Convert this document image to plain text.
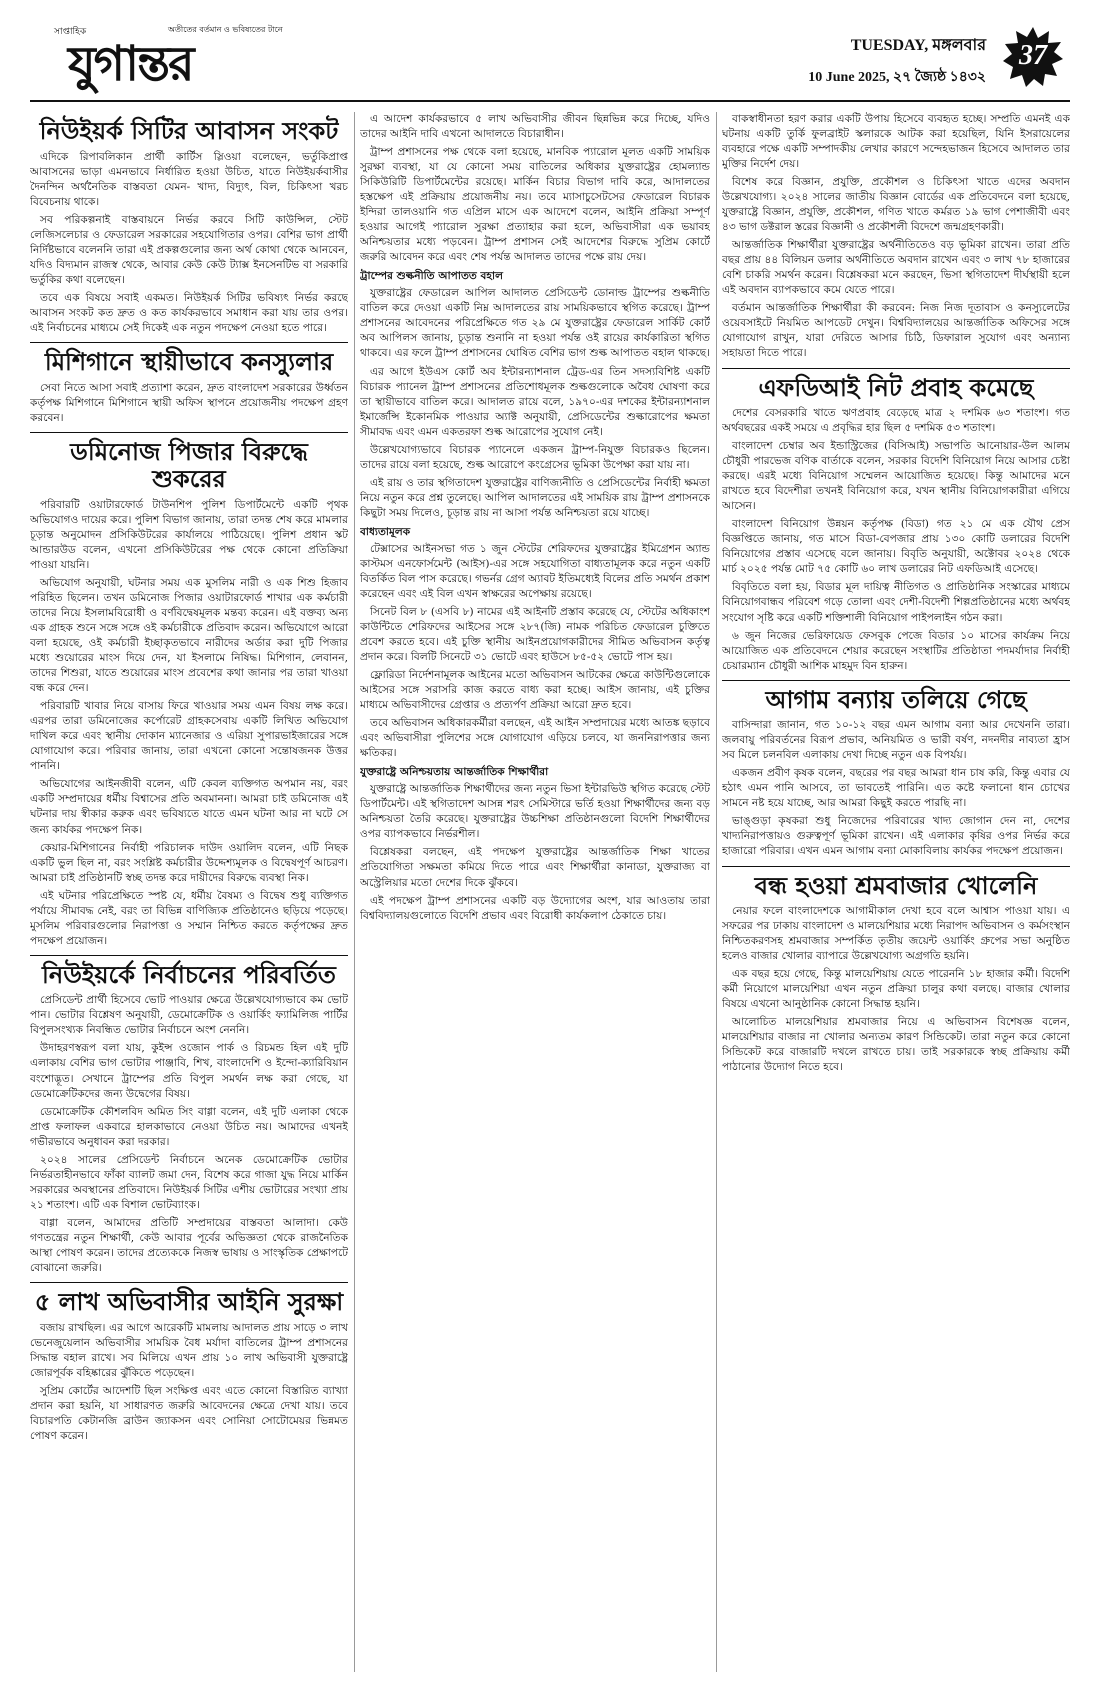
সাপ্তাহিক	অতীতের বর্তমান ও ভবিষ্যতের টানে
যুগান্তর	TUESDAY, মঙ্গলবার
10 June 2025, ২৭ জ্যৈষ্ঠ ১৪৩২
37
নিউইয়র্ক সিটির আবাসন সংকট

এদিকে রিপাবলিকান প্রার্থী কার্টিস স্লিওয়া বলেছেন, ভর্তুকিপ্রাপ্ত আবাসনের ভাড়া এমনভাবে নির্ধারিত হওয়া উচিত, যাতে নিউইয়র্কবাসীর দৈনন্দিন অর্থনৈতিক বাস্তবতা যেমন- খাদ্য, বিদ্যুৎ, বিল, চিকিৎসা খরচ বিবেচনায় থাকে।

সব পরিকল্পনাই বাস্তবায়নে নির্ভর করবে সিটি কাউন্সিল, স্টেট লেজিসলেচার ও ফেডারেল সরকারের সহযোগিতার ওপর। বেশির ভাগ প্রার্থী নির্দিষ্টভাবে বলেননি তারা এই প্রকল্পগুলোর জন্য অর্থ কোথা থেকে আনবেন, যদিও বিদ্যমান রাজস্ব থেকে, আবার কেউ কেউ ট্যাক্স ইনসেনটিভ বা সরকারি ভর্তুকির কথা বলেছেন।

তবে এক বিষয়ে সবাই একমত। নিউইয়র্ক সিটির ভবিষ্যৎ নির্ভর করছে আবাসন সংকট কত দ্রুত ও কত কার্যকরভাবে সমাধান করা যায় তার ওপর। এই নির্বাচনের মাধ্যমে সেই দিকেই এক নতুন পদক্ষেপ নেওয়া হতে পারে।

মিশিগানে স্থায়ীভাবে কনস্যুলার

সেবা নিতে আসা সবাই প্রত্যাশা করেন, দ্রুত বাংলাদেশ সরকারের উর্ধ্বতন কর্তৃপক্ষ মিশিগানে মিশিগানে স্থায়ী অফিস স্থাপনে প্রয়োজনীয় পদক্ষেপ গ্রহণ করবেন।

ডমিনোজ পিজার বিরুদ্ধে শুকরের

পরিবারটি ওয়াটারফোর্ড টাউনশিপ পুলিশ ডিপার্টমেন্টে একটি পৃথক অভিযোগও দায়ের করে। পুলিশ বিভাগ জানায়, তারা তদন্ত শেষ করে মামলার চূড়ান্ত অনুমোদন প্রসিকিউটরের কার্যালয়ে পাঠিয়েছে। পুলিশ প্রধান স্কট আন্ডারউড বলেন, এখনো প্রসিকিউটরের পক্ষ থেকে কোনো প্রতিক্রিয়া পাওয়া যায়নি।

অভিযোগ অনুযায়ী, ঘটনার সময় এক মুসলিম নারী ও এক শিশু হিজাব পরিহিত ছিলেন। তখন ডমিনোজ পিজার ওয়াটারফোর্ড শাখার এক কর্মচারী তাদের নিয়ে ইসলামবিরোধী ও বর্ণবিদ্বেষমূলক মন্তব্য করেন। এই বক্তব্য অন্য এক গ্রাহক শুনে সঙ্গে সঙ্গে ওই কর্মচারীকে প্রতিবাদ করেন। অভিযোগে আরো বলা হয়েছে, ওই কর্মচারী ইচ্ছাকৃতভাবে নারীদের অর্ডার করা দুটি পিজার মধ্যে শুয়োরের মাংস দিয়ে দেন, যা ইসলামে নিষিদ্ধ। মিশিগান, লেবানন, তাদের শিশুরা, যাতে শুয়োরের মাংস প্রবেশের কথা জানার পর তারা খাওয়া বন্ধ করে দেন।

পরিবারটি খাবার নিয়ে বাসায় ফিরে খাওয়ার সময় এমন বিষয় লক্ষ করে। এরপর তারা ডমিনোজের কর্পোরেট গ্রাহকসেবায় একটি লিখিত অভিযোগ দাখিল করে এবং স্থানীয় দোকান ম্যানেজার ও এরিয়া সুপারভাইজারের সঙ্গে যোগাযোগ করে। পরিবার জানায়, তারা এখনো কোনো সন্তোষজনক উত্তর পাননি।

অভিযোগের আইনজীবী বলেন, এটি কেবল ব্যক্তিগত অপমান নয়, বরং একটি সম্প্রদায়ের ধর্মীয় বিশ্বাসের প্রতি অবমাননা। আমরা চাই ডমিনোজ এই ঘটনার দায় স্বীকার করুক এবং ভবিষ্যতে যাতে এমন ঘটনা আর না ঘটে সে জন্য কার্যকর পদক্ষেপ নিক।

কেয়ার-মিশিগানের নির্বাহী পরিচালক দাউদ ওয়ালিদ বলেন, এটি নিছক একটি ভুল ছিল না, বরং সংশ্লিষ্ট কর্মচারীর উদ্দেশ্যমূলক ও বিদ্বেষপূর্ণ আচরণ। আমরা চাই প্রতিষ্ঠানটি স্বচ্ছ তদন্ত করে দায়ীদের বিরুদ্ধে ব্যবস্থা নিক।

এই ঘটনার পরিপ্রেক্ষিতে স্পষ্ট যে, ধর্মীয় বৈষম্য ও বিদ্বেষ শুধু ব্যক্তিগত পর্যায়ে সীমাবদ্ধ নেই, বরং তা বিভিন্ন বাণিজ্যিক প্রতিষ্ঠানেও ছড়িয়ে পড়েছে। মুসলিম পরিবারগুলোর নিরাপত্তা ও সম্মান নিশ্চিত করতে কর্তৃপক্ষের দ্রুত পদক্ষেপ প্রয়োজন।

নিউইয়র্কে নির্বাচনের পরিবর্তিত

প্রেসিডেন্ট প্রার্থী হিসেবে ভোট পাওয়ার ক্ষেত্রে উল্লেখযোগ্যভাবে কম ভোট পান। ভোটার বিশ্লেষণ অনুযায়ী, ডেমোক্রেটিক ও ওয়ার্কিং ফ্যামিলিজ পার্টির বিপুলসংখ্যক নিবন্ধিত ভোটার নির্বাচনে অংশ নেননি।

উদাহরণস্বরূপ বলা যায়, কুইন্স ওজোন পার্ক ও রিচমন্ড হিল এই দুটি এলাকায় বেশির ভাগ ভোটার পাঞ্জাবি, শিখ, বাংলাদেশি ও ইন্দো-ক্যারিবিয়ান বংশোদ্ভূত। সেখানে ট্রাম্পের প্রতি বিপুল সমর্থন লক্ষ করা গেছে, যা ডেমোক্রেটিকদের জন্য উদ্বেগের বিষয়।

ডেমোক্রেটিক কৌশলবিদ অমিত সিং বাগ্গা বলেন, এই দুটি এলাকা থেকে প্রাপ্ত ফলাফল একবারে হালকাভাবে নেওয়া উচিত নয়। আমাদের এখনই গভীরভাবে অনুধাবন করা দরকার।

২০২৪ সালের প্রেসিডেন্ট নির্বাচনে অনেক ডেমোক্রেটিক ভোটার নির্ভরতাহীনভাবে ফাঁকা ব্যালট জমা দেন, বিশেষ করে গাজা যুদ্ধ নিয়ে মার্কিন সরকারের অবস্থানের প্রতিবাদে। নিউইয়র্ক সিটির এশীয় ভোটারের সংখ্যা প্রায় ২১ শতাংশ। এটি এক বিশাল ভোটব্যাংক।

বাগ্গা বলেন, আমাদের প্রতিটি সম্প্রদায়ের বাস্তবতা আলাদা। কেউ গণতন্ত্রের নতুন শিক্ষার্থী, কেউ আবার পূর্বের অভিজ্ঞতা থেকে রাজনৈতিক আস্থা পোষণ করেন। তাদের প্রত্যেককে নিজস্ব ভাষায় ও সাংস্কৃতিক প্রেক্ষাপটে বোঝানো জরুরি।

৫ লাখ অভিবাসীর আইনি সুরক্ষা

বজায় রাখছিল। এর আগে আরেকটি মামলায় আদালত প্রায় সাড়ে ৩ লাখ ভেনেজুয়েলান অভিবাসীর সাময়িক বৈধ মর্যাদা বাতিলের ট্রাম্প প্রশাসনের সিদ্ধান্ত বহাল রাখে। সব মিলিয়ে এখন প্রায় ১০ লাখ অভিবাসী যুক্তরাষ্ট্রে জোরপূর্বক বহিষ্কারের ঝুঁকিতে পড়েছেন।

সুপ্রিম কোর্টের আদেশটি ছিল সংক্ষিপ্ত এবং এতে কোনো বিস্তারিত ব্যাখ্যা প্রদান করা হয়নি, যা সাধারণত জরুরি আবেদনের ক্ষেত্রে দেখা যায়। তবে বিচারপতি কেটানজি ব্রাউন জ্যাকসন এবং সোনিয়া সোটোমেয়র ভিন্নমত পোষণ করেন।

এ আদেশ কার্যকরভাবে ৫ লাখ অভিবাসীর জীবন ছিন্নভিন্ন করে দিচ্ছে, যদিও তাদের আইনি দাবি এখনো আদালতে বিচারাধীন।

ট্রাম্প প্রশাসনের পক্ষ থেকে বলা হয়েছে, মানবিক প্যারোল মূলত একটি সাময়িক সুরক্ষা ব্যবস্থা, যা যে কোনো সময় বাতিলের অধিকার যুক্তরাষ্ট্রের হোমল্যান্ড সিকিউরিটি ডিপার্টমেন্টের রয়েছে। মার্কিন বিচার বিভাগ দাবি করে, আদালতের হস্তক্ষেপ এই প্রক্রিয়ায় প্রয়োজনীয় নয়। তবে ম্যাসাচুসেটসের ফেডারেল বিচারক ইন্দিরা তালওয়ানি গত এপ্রিল মাসে এক আদেশে বলেন, আইনি প্রক্রিয়া সম্পূর্ণ হওয়ার আগেই প্যারোল সুরক্ষা প্রত্যাহার করা হলে, অভিবাসীরা এক ভয়াবহ অনিশ্চয়তার মধ্যে পড়বেন। ট্রাম্প প্রশাসন সেই আদেশের বিরুদ্ধে সুপ্রিম কোর্টে জরুরি আবেদন করে এবং শেষ পর্যন্ত আদালত তাদের পক্ষে রায় দেয়।

ট্রাম্পের শুল্কনীতি আপাতত বহাল

যুক্তরাষ্ট্রের ফেডারেল আপিল আদালত প্রেসিডেন্ট ডোনাল্ড ট্রাম্পের শুল্কনীতি বাতিল করে দেওয়া একটি নিম্ন আদালতের রায় সাময়িকভাবে স্থগিত করেছে। ট্রাম্প প্রশাসনের আবেদনের পরিপ্রেক্ষিতে গত ২৯ মে যুক্তরাষ্ট্রের ফেডারেল সার্কিট কোর্ট অব আপিলস জানায়, চূড়ান্ত শুনানি না হওয়া পর্যন্ত ওই রায়ের কার্যকারিতা স্থগিত থাকবে। এর ফলে ট্রাম্প প্রশাসনের ঘোষিত বেশির ভাগ শুল্ক আপাতত বহাল থাকছে।

এর আগে ইউএস কোর্ট অব ইন্টারন্যাশনাল ট্রেড-এর তিন সদস্যবিশিষ্ট একটি বিচারক প্যানেল ট্রাম্প প্রশাসনের প্রতিশোধমূলক শুল্কগুলোকে অবৈধ ঘোষণা করে তা স্থায়ীভাবে বাতিল করে। আদালত রায়ে বলে, ১৯৭০-এর দশকের ইন্টারন্যাশনাল ইমার্জেন্সি ইকোনমিক পাওয়ার অ্যাক্ট অনুযায়ী, প্রেসিডেন্টের শুল্কারোপের ক্ষমতা সীমাবদ্ধ এবং এমন একতরফা শুল্ক আরোপের সুযোগ নেই।

উল্লেখযোগ্যভাবে বিচারক প্যানেলে একজন ট্রাম্প-নিযুক্ত বিচারকও ছিলেন। তাদের রায়ে বলা হয়েছে, শুল্ক আরোপে কংগ্রেসের ভূমিকা উপেক্ষা করা যায় না।

এই রায় ও তার স্থগিতাদেশ যুক্তরাষ্ট্রের বাণিজ্যনীতি ও প্রেসিডেন্টের নির্বাহী ক্ষমতা নিয়ে নতুন করে প্রশ্ন তুলেছে। আপিল আদালতের এই সাময়িক রায় ট্রাম্প প্রশাসনকে কিছুটা সময় দিলেও, চূড়ান্ত রায় না আসা পর্যন্ত অনিশ্চয়তা রয়ে যাচ্ছে।

বাধ্যতামূলক

টেক্সাসের আইনসভা গত ১ জুন স্টেটের শেরিফদের যুক্তরাষ্ট্রের ইমিগ্রেশন অ্যান্ড কাস্টমস এনফোর্সমেন্ট (আইস)-এর সঙ্গে সহযোগিতা বাধ্যতামূলক করে নতুন একটি বিতর্কিত বিল পাস করেছে। গভর্নর গ্রেগ অ্যাবট ইতিমধ্যেই বিলের প্রতি সমর্থন প্রকাশ করেছেন এবং এই বিল এখন স্বাক্ষরের অপেক্ষায় রয়েছে।

সিনেট বিল ৮ (এসবি ৮) নামের এই আইনটি প্রস্তাব করেছে যে, স্টেটের অধিকাংশ কাউন্টিতে শেরিফদের আইসের সঙ্গে ২৮৭(জি) নামক পরিচিত ফেডারেল চুক্তিতে প্রবেশ করতে হবে। এই চুক্তি স্থানীয় আইনপ্রয়োগকারীদের সীমিত অভিবাসন কর্তৃত্ব প্রদান করে। বিলটি সিনেটে ৩১ ভোটে এবং হাউসে ৮৫-৫২ ভোটে পাস হয়।

ফ্লোরিডা নির্দেশনামূলক আইনের মতো অভিবাসন আটকের ক্ষেত্রে কাউন্টিগুলোকে আইসের সঙ্গে সরাসরি কাজ করতে বাধ্য করা হচ্ছে। আইস জানায়, এই চুক্তির মাধ্যমে অভিবাসীদের গ্রেপ্তার ও প্রত্যর্পণ প্রক্রিয়া আরো দ্রুত হবে।

তবে অভিবাসন অধিকারকর্মীরা বলছেন, এই আইন সম্প্রদায়ের মধ্যে আতঙ্ক ছড়াবে এবং অভিবাসীরা পুলিশের সঙ্গে যোগাযোগ এড়িয়ে চলবে, যা জননিরাপত্তার জন্য ক্ষতিকর।

যুক্তরাষ্ট্রে অনিশ্চয়তায় আন্তর্জাতিক শিক্ষার্থীরা

যুক্তরাষ্ট্রে আন্তর্জাতিক শিক্ষার্থীদের জন্য নতুন ভিসা ইন্টারভিউ স্থগিত করেছে স্টেট ডিপার্টমেন্ট। এই স্থগিতাদেশ আসন্ন শরৎ সেমিস্টারে ভর্তি হওয়া শিক্ষার্থীদের জন্য বড় অনিশ্চয়তা তৈরি করেছে। যুক্তরাষ্ট্রের উচ্চশিক্ষা প্রতিষ্ঠানগুলো বিদেশি শিক্ষার্থীদের ওপর ব্যাপকভাবে নির্ভরশীল।

বিশ্লেষকরা বলছেন, এই পদক্ষেপ যুক্তরাষ্ট্রের আন্তর্জাতিক শিক্ষা খাতের প্রতিযোগিতা সক্ষমতা কমিয়ে দিতে পারে এবং শিক্ষার্থীরা কানাডা, যুক্তরাজ্য বা অস্ট্রেলিয়ার মতো দেশের দিকে ঝুঁকবে।

এই পদক্ষেপ ট্রাম্প প্রশাসনের একটি বড় উদ্যোগের অংশ, যার আওতায় তারা বিশ্ববিদ্যালয়গুলোতে বিদেশি প্রভাব এবং বিরোধী কার্যকলাপ ঠেকাতে চায়।

বাকস্বাধীনতা হরণ করার একটি উপায় হিসেবে ব্যবহৃত হচ্ছে। সম্প্রতি এমনই এক ঘটনায় একটি তুর্কি ফুলব্রাইট স্কলারকে আটক করা হয়েছিল, যিনি ইসরায়েলের ব্যবহারে পক্ষে একটি সম্পাদকীয় লেখার কারণে সন্দেহভাজন হিসেবে আদালত তার মুক্তির নির্দেশ দেয়।

বিশেষ করে বিজ্ঞান, প্রযুক্তি, প্রকৌশল ও চিকিৎসা খাতে এদের অবদান উল্লেখযোগ্য। ২০২৪ সালের জাতীয় বিজ্ঞান বোর্ডের এক প্রতিবেদনে বলা হয়েছে, যুক্তরাষ্ট্রে বিজ্ঞান, প্রযুক্তি, প্রকৌশল, গণিত খাতে কর্মরত ১৯ ভাগ পেশাজীবী এবং ৪৩ ভাগ ডক্টরাল স্তরের বিজ্ঞানী ও প্রকৌশলী বিদেশে জন্মগ্রহণকারী।

আন্তর্জাতিক শিক্ষার্থীরা যুক্তরাষ্ট্রের অর্থনীতিতেও বড় ভূমিকা রাখেন। তারা প্রতি বছর প্রায় ৪৪ বিলিয়ন ডলার অর্থনীতিতে অবদান রাখেন এবং ৩ লাখ ৭৮ হাজারের বেশি চাকরি সমর্থন করেন। বিশ্লেষকরা মনে করছেন, ভিসা স্থগিতাদেশ দীর্ঘস্থায়ী হলে এই অবদান ব্যাপকভাবে কমে যেতে পারে।

বর্তমান আন্তর্জাতিক শিক্ষার্থীরা কী করবেন: নিজ নিজ দূতাবাস ও কনস্যুলেটের ওয়েবসাইটে নিয়মিত আপডেট দেখুন। বিশ্ববিদ্যালয়ের আন্তর্জাতিক অফিসের সঙ্গে যোগাযোগ রাখুন, যারা দেরিতে আসার চিঠি, ডিফারাল সুযোগ এবং অন্যান্য সহায়তা দিতে পারে।

এফডিআই নিট প্রবাহ কমেছে

দেশের বেসরকারি খাতে ঋণপ্রবাহ বেড়েছে মাত্র ২ দশমিক ৬৩ শতাংশ। গত অর্থবছরের একই সময়ে এ প্রবৃদ্ধির হার ছিল ৫ দশমিক ৫৩ শতাংশ।

বাংলাদেশ চেম্বার অব ইন্ডাস্ট্রিজের (বিসিআই) সভাপতি আনোয়ার-উল আলম চৌধুরী পারভেজ বণিক বার্তাকে বলেন, সরকার বিদেশি বিনিয়োগ নিয়ে আসার চেষ্টা করছে। এরই মধ্যে বিনিয়োগ সম্মেলন আয়োজিত হয়েছে। কিন্তু আমাদের মনে রাখতে হবে বিদেশীরা তখনই বিনিয়োগ করে, যখন স্থানীয় বিনিয়োগকারীরা এগিয়ে আসেন।

বাংলাদেশ বিনিয়োগ উন্নয়ন কর্তৃপক্ষ (বিডা) গত ২১ মে এক যৌথ প্রেস বিজ্ঞপ্তিতে জানায়, গত মাসে বিডা-বেপজার প্রায় ১৩০ কোটি ডলারের বিদেশি বিনিয়োগের প্রস্তাব এসেছে বলে জানায়। বিবৃতি অনুযায়ী, অক্টোবর ২০২৪ থেকে মার্চ ২০২৫ পর্যন্ত মোট ৭৫ কোটি ৬০ লাখ ডলারের নিট এফডিআই এসেছে।

বিবৃতিতে বলা হয়, বিডার মূল দায়িত্ব নীতিগত ও প্রাতিষ্ঠানিক সংস্কারের মাধ্যমে বিনিয়োগবান্ধব পরিবেশ গড়ে তোলা এবং দেশী-বিদেশী শিল্পপ্রতিষ্ঠানের মধ্যে অর্থবহ সংযোগ সৃষ্টি করে একটি শক্তিশালী বিনিয়োগ পাইপলাইন গঠন করা।

৬ জুন নিজের ভেরিফায়েড ফেসবুক পেজে বিডার ১০ মাসের কার্যক্রম নিয়ে আয়োজিত এক প্রতিবেদনে শেয়ার করেছেন সংস্থাটির প্রতিষ্ঠাতা পদমর্যাদার নির্বাহী চেয়ারম্যান চৌধুরী আশিক মাহমুদ বিন হারুন।

আগাম বন্যায় তলিয়ে গেছে

বাসিন্দারা জানান, গত ১০-১২ বছর এমন আগাম বন্যা আর দেখেননি তারা। জলবায়ু পরিবর্তনের বিরূপ প্রভাব, অনিয়মিত ও ভারী বর্ষণ, নদনদীর নাব্যতা হ্রাস সব মিলে চলনবিল এলাকায় দেখা দিচ্ছে নতুন এক বিপর্যয়।

একজন প্রবীণ কৃষক বলেন, বছরের পর বছর আমরা ধান চাষ করি, কিন্তু এবার যে হঠাৎ এমন পানি আসবে, তা ভাবতেই পারিনি। এত কষ্টে ফলানো ধান চোখের সামনে নষ্ট হয়ে যাচ্ছে, আর আমরা কিছুই করতে পারছি না।

ভাঙ্গুড়া কৃষকরা শুধু নিজেদের পরিবারের খাদ্য জোগান দেন না, দেশের খাদ্যনিরাপত্তায়ও গুরুত্বপূর্ণ ভূমিকা রাখেন। এই এলাকার কৃষির ওপর নির্ভর করে হাজারো পরিবার। এখন এমন আগাম বন্যা মোকাবিলায় কার্যকর পদক্ষেপ প্রয়োজন।

বন্ধ হওয়া শ্রমবাজার খোলেনি

নেয়ার ফলে বাংলাদেশকে আগামীকাল দেখা হবে বলে আশ্বাস পাওয়া যায়। এ সফরের পর ঢাকায় বাংলাদেশ ও মালয়েশিয়ার মধ্যে নিরাপদ অভিবাসন ও কর্মসংস্থান নিশ্চিতকরণসহ শ্রমবাজার সম্পর্কিত তৃতীয় জয়েন্ট ওয়ার্কিং গ্রুপের সভা অনুষ্ঠিত হলেও বাজার খোলার ব্যাপারে উল্লেখযোগ্য অগ্রগতি হয়নি।

এক বছর হয়ে গেছে, কিন্তু মালয়েশিয়ায় যেতে পারেননি ১৮ হাজার কর্মী। বিদেশি কর্মী নিয়োগে মালয়েশিয়া এখন নতুন প্রক্রিয়া চালুর কথা বলছে। বাজার খোলার বিষয়ে এখনো আনুষ্ঠানিক কোনো সিদ্ধান্ত হয়নি।

আলোচিত মালয়েশিয়ার শ্রমবাজার নিয়ে এ অভিবাসন বিশেষজ্ঞ বলেন, মালয়েশিয়ার বাজার না খোলার অন্যতম কারণ সিন্ডিকেট। তারা নতুন করে কোনো সিন্ডিকেট করে বাজারটি দখলে রাখতে চায়। তাই সরকারকে স্বচ্ছ প্রক্রিয়ায় কর্মী পাঠানোর উদ্যোগ নিতে হবে।
